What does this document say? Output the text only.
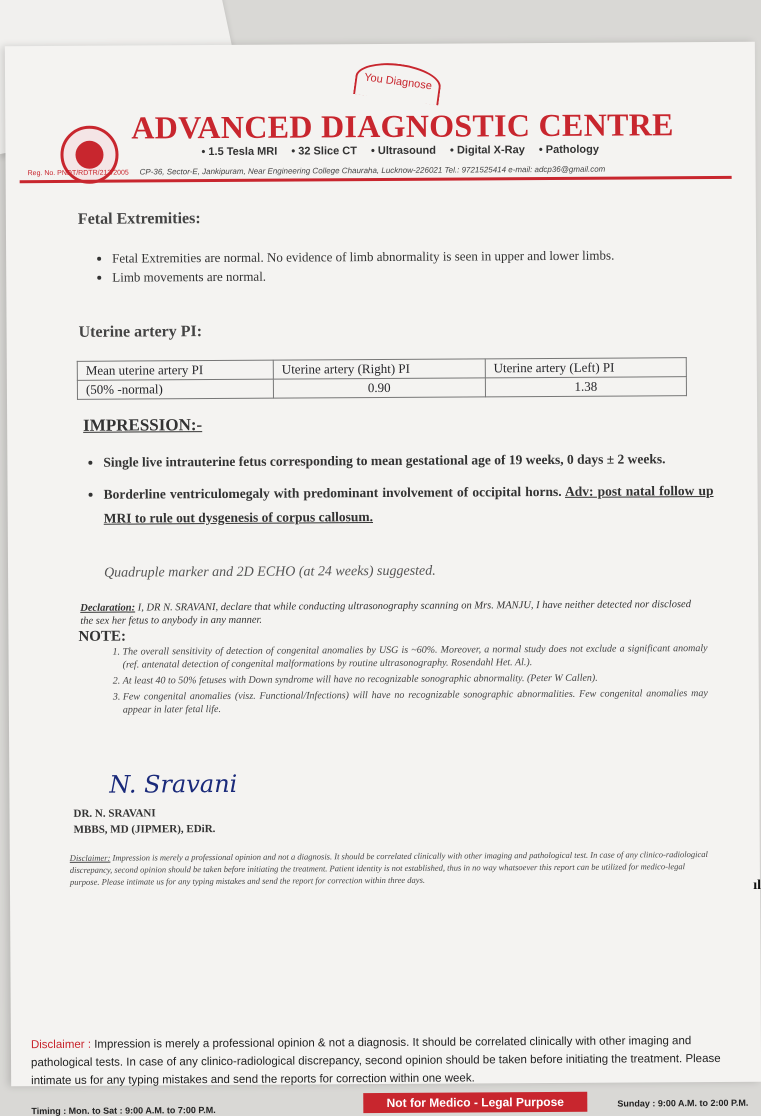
You Diagnose
ADVANCED DIAGNOSTIC CENTRE
• 1.5 Tesla MRI • 32 Slice CT • Ultrasound • Digital X-Ray • Pathology
Reg. No. PNDT/RDTR/212/2005 CP-36, Sector-E, Jankipuram, Near Engineering College Chauraha, Lucknow-226021 Tel.: 9721525414 e-mail: adcp36@gmail.com
Fetal Extremities:
• Fetal Extremities are normal. No evidence of limb abnormality is seen in upper and lower limbs.
• Limb movements are normal.
Uterine artery PI:
Mean uterine artery PI	Uterine artery (Right) PI	Uterine artery (Left) PI
(50% -normal)	0.90	1.38
IMPRESSION:-
• Single live intrauterine fetus corresponding to mean gestational age of 19 weeks, 0 days ± 2 weeks.
• Borderline ventriculomegaly with predominant involvement of occipital horns. Adv: post natal follow up MRI to rule out dysgenesis of corpus callosum.
Quadruple marker and 2D ECHO (at 24 weeks) suggested.
Declaration: I, DR N. SRAVANI, declare that while conducting ultrasonography scanning on Mrs. MANJU, I have neither detected nor disclosed the sex her fetus to anybody in any manner.
NOTE:
1. The overall sensitivity of detection of congenital anomalies by USG is ~60%. Moreover, a normal study does not exclude a significant anomaly (ref. antenatal detection of congenital malformations by routine ultrasonography. Rosendahl Het. Al.).
2. At least 40 to 50% fetuses with Down syndrome will have no recognizable sonographic abnormality. (Peter W Callen).
3. Few congenital anomalies (visz. Functional/Infections) will have no recognizable sonographic abnormalities. Few congenital anomalies may appear in later fetal life.
N. Sravani
DR. N. SRAVANI
MBBS, MD (JIPMER), EDiR.
Disclaimer: Impression is merely a professional opinion and not a diagnosis. It should be correlated clinically with other imaging and pathological test. In case of any clinico-radiological discrepancy, second opinion should be taken before initiating the treatment. Patient identity is not established, thus in no way whatsoever this report can be utilized for medico-legal purpose. Please intimate us for any typing mistakes and send the report for correction within three days.
Disclaimer : Impression is merely a professional opinion & not a diagnosis. It should be correlated clinically with other imaging and pathological tests. In case of any clinico-radiological discrepancy, second opinion should be taken before initiating the treatment. Please intimate us for any typing mistakes and send the reports for correction within one week.
Timing : Mon. to Sat : 9:00 A.M. to 7:00 P.M.
Not for Medico - Legal Purpose	Sunday : 9:00 A.M. to 2:00 P.M.
ıl
